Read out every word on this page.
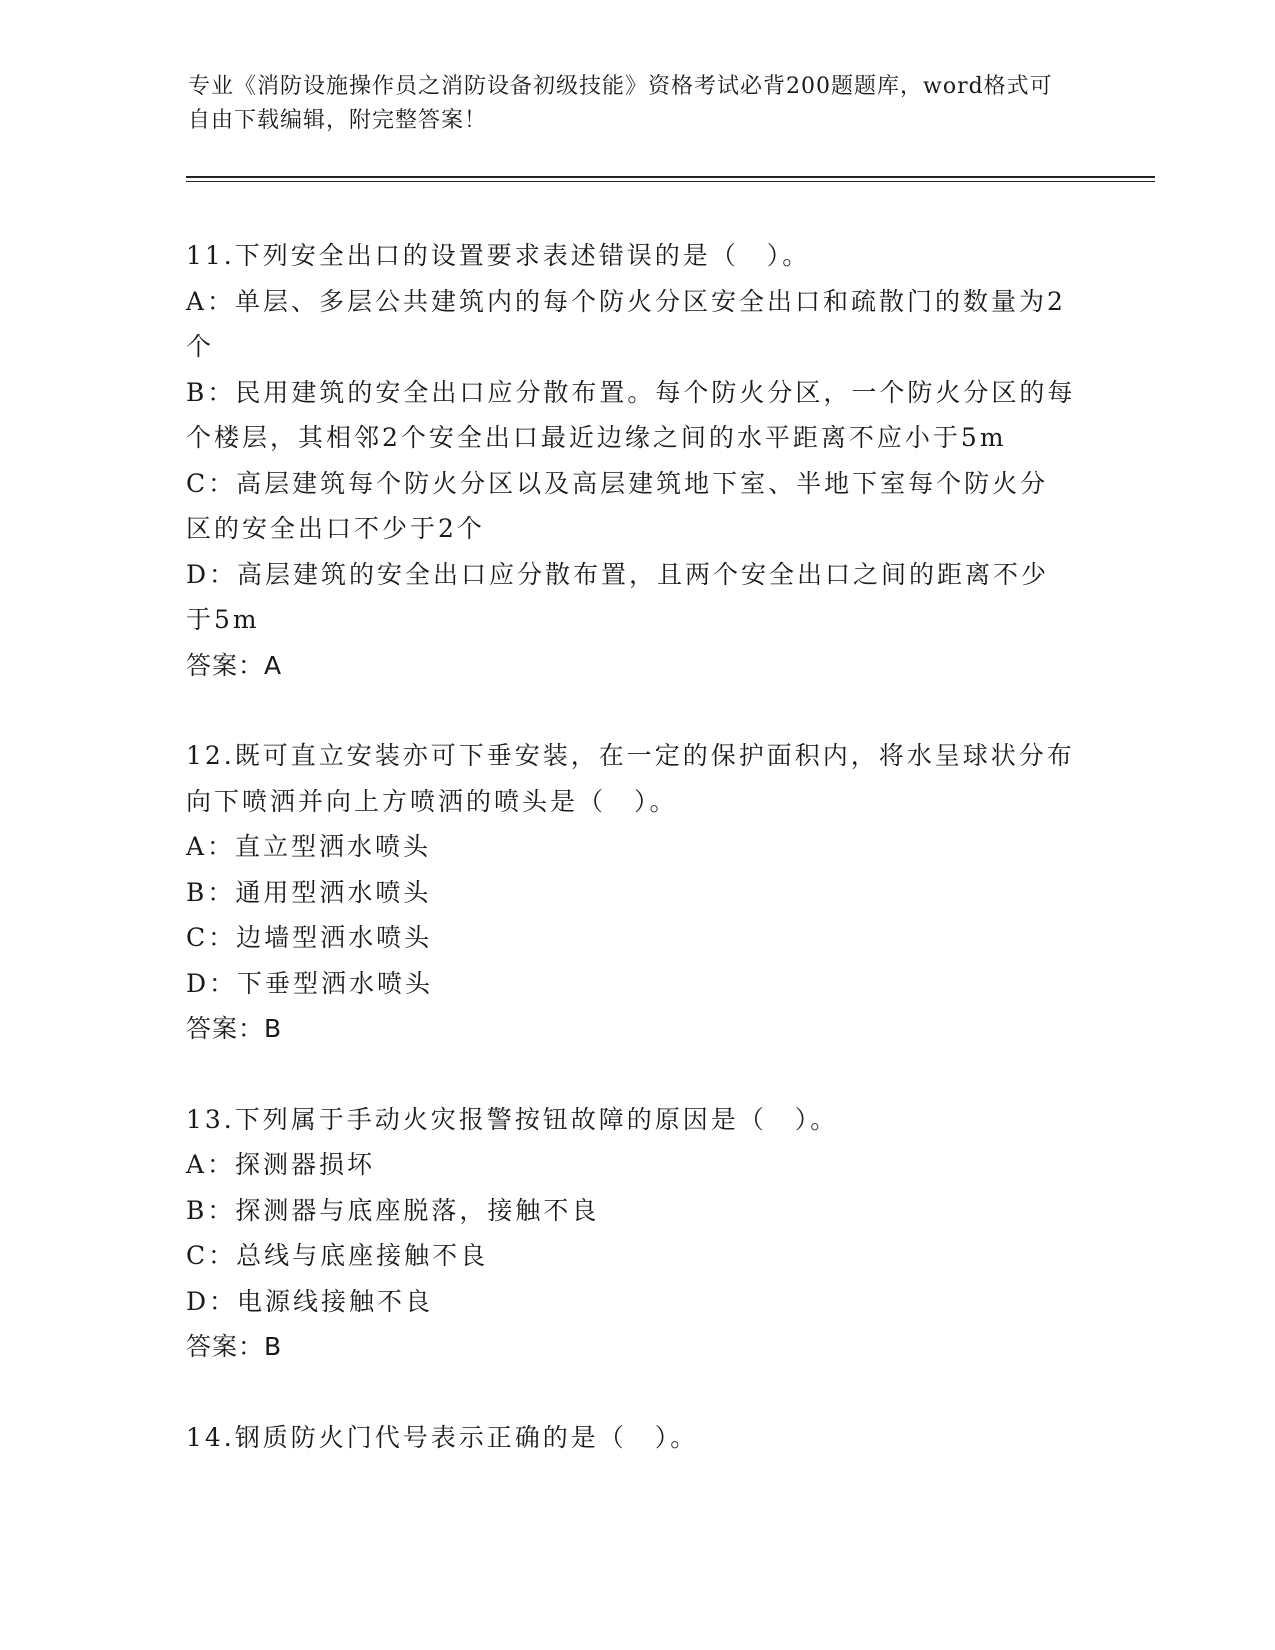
专业《消防设施操作员之消防设备初级技能》资格考试必背200题题库，word格式可自由下载编辑，附完整答案！

11.下列安全出口的设置要求表述错误的是（　）。

A：单层、多层公共建筑内的每个防火分区安全出口和疏散门的数量为2个

B：民用建筑的安全出口应分散布置。每个防火分区，一个防火分区的每个楼层，其相邻2个安全出口最近边缘之间的水平距离不应小于5m

C：高层建筑每个防火分区以及高层建筑地下室、半地下室每个防火分区的安全出口不少于2个

D：高层建筑的安全出口应分散布置，且两个安全出口之间的距离不少于5m

答案：A

12.既可直立安装亦可下垂安装，在一定的保护面积内，将水呈球状分布向下喷洒并向上方喷洒的喷头是（　）。

A：直立型洒水喷头

B：通用型洒水喷头

C：边墙型洒水喷头

D：下垂型洒水喷头

答案：B

13.下列属于手动火灾报警按钮故障的原因是（　）。

A：探测器损坏

B：探测器与底座脱落，接触不良

C：总线与底座接触不良

D：电源线接触不良

答案：B

14.钢质防火门代号表示正确的是（　）。
